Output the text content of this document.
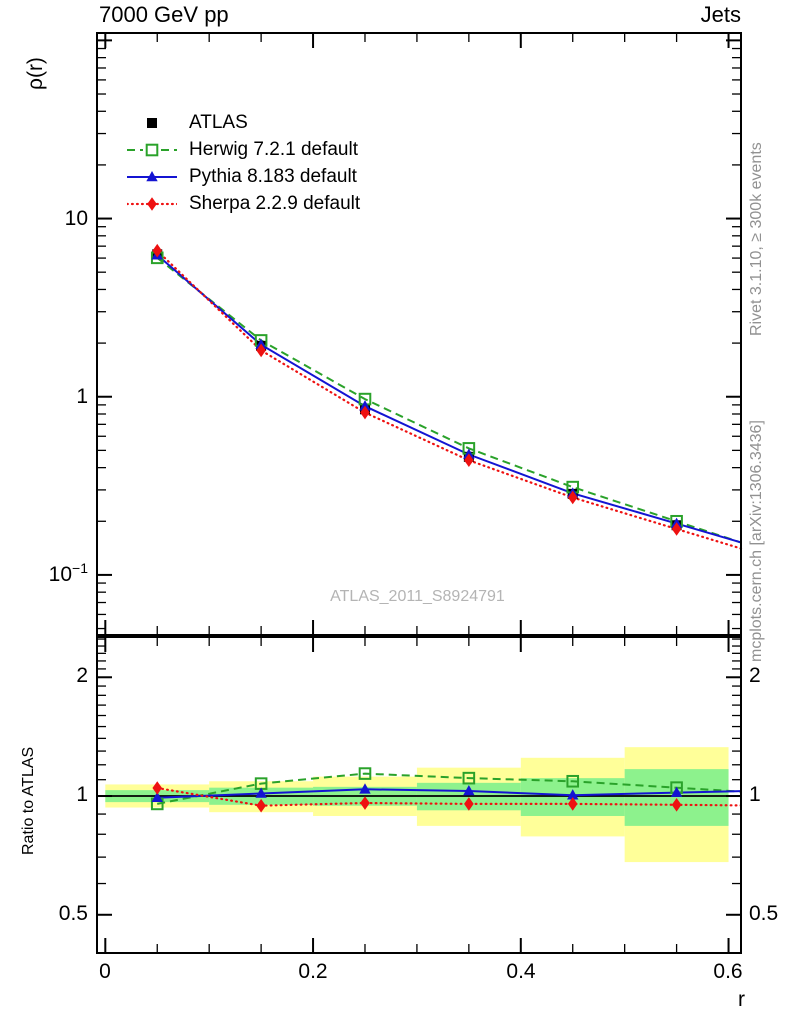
7000 GeV pp	Jets
ρ(r)
Ratio to ATLAS
r
Rivet 3.1.10, ≥ 300k events
mcplots.cern.ch [arXiv:1306.3436]
ATLAS_2011_S8924791
ATLAS
Herwig 7.2.1 default
Pythia 8.183 default
Sherpa 2.2.9 default
10
1
$10^{-1}$
2
1
0.5
2
1
0.5
0	0.2	0.4	0.6
